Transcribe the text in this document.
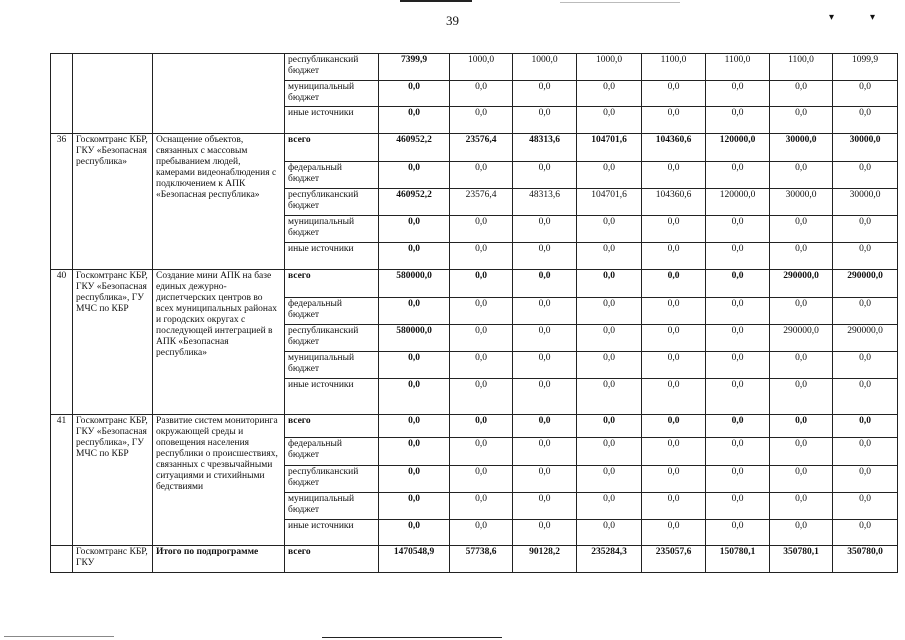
39	▾	▾
			республиканский бюджет	7399,9	1000,0	1000,0	1000,0	1100,0	1100,0	1100,0	1099,9
			муниципальный бюджет	0,0	0,0	0,0	0,0	0,0	0,0	0,0	0,0
			иные источники	0,0	0,0	0,0	0,0	0,0	0,0	0,0	0,0
36	Госкомтранс КБР, ГКУ «Безопасная республика»	Оснащение объектов, связанных с массовым пребыванием людей, камерами видеонаблюдения с подключением к АПК «Безопасная республика»	всего	460952,2	23576,4	48313,6	104701,6	104360,6	120000,0	30000,0	30000,0
			федеральный бюджет	0,0	0,0	0,0	0,0	0,0	0,0	0,0	0,0
			республиканский бюджет	460952,2	23576,4	48313,6	104701,6	104360,6	120000,0	30000,0	30000,0
			муниципальный бюджет	0,0	0,0	0,0	0,0	0,0	0,0	0,0	0,0
			иные источники	0,0	0,0	0,0	0,0	0,0	0,0	0,0	0,0
40	Госкомтранс КБР, ГКУ «Безопасная республика», ГУ МЧС по КБР	Создание мини АПК на базе единых дежурно-диспетчерских центров во всех муниципальных районах и городских округах с последующей интеграцией в АПК «Безопасная республика»	всего	580000,0	0,0	0,0	0,0	0,0	0,0	290000,0	290000,0
			федеральный бюджет	0,0	0,0	0,0	0,0	0,0	0,0	0,0	0,0
			республиканский бюджет	580000,0	0,0	0,0	0,0	0,0	0,0	290000,0	290000,0
			муниципальный бюджет	0,0	0,0	0,0	0,0	0,0	0,0	0,0	0,0
			иные источники	0,0	0,0	0,0	0,0	0,0	0,0	0,0	0,0
41	Госкомтранс КБР, ГКУ «Безопасная республика», ГУ МЧС по КБР	Развитие систем мониторинга окружающей среды и оповещения населения республики о происшествиях, связанных с чрезвычайными ситуациями и стихийными бедствиями	всего	0,0	0,0	0,0	0,0	0,0	0,0	0,0	0,0
			федеральный бюджет	0,0	0,0	0,0	0,0	0,0	0,0	0,0	0,0
			республиканский бюджет	0,0	0,0	0,0	0,0	0,0	0,0	0,0	0,0
			муниципальный бюджет	0,0	0,0	0,0	0,0	0,0	0,0	0,0	0,0
			иные источники	0,0	0,0	0,0	0,0	0,0	0,0	0,0	0,0
	Госкомтранс КБР, ГКУ	Итого по подпрограмме	всего	1470548,9	57738,6	90128,2	235284,3	235057,6	150780,1	350780,1	350780,0
